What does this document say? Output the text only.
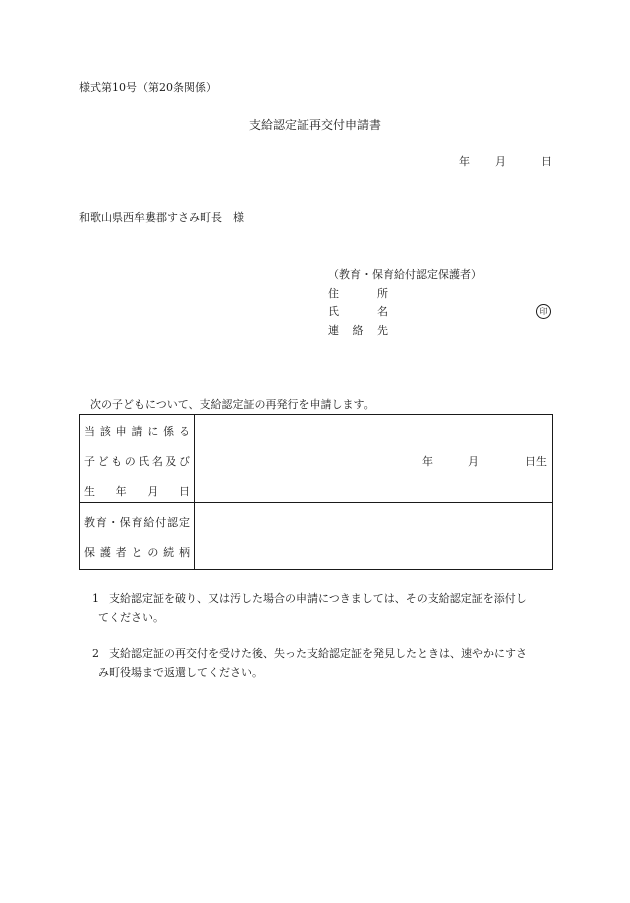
様式第10号（第20条関係）
支給認定証再交付申請書
年 月	日
和歌山県西牟婁郡すさみ町長　様
（教育・保育給付認定保護者）
住所
氏名	印
連絡先
次の子どもについて、支給認定証の再発行を申請します。
当該申請に係る
子どもの氏名及び
生年月日	年 月 日生

教育・保育給付認定
保護者との続柄	

1 支給認定証を破り、又は汚した場合の申請につきましては、その支給認定証を添付し
てください。
2 支給認定証の再交付を受けた後、失った支給認定証を発見したときは、速やかにすさ
み町役場まで返還してください。
